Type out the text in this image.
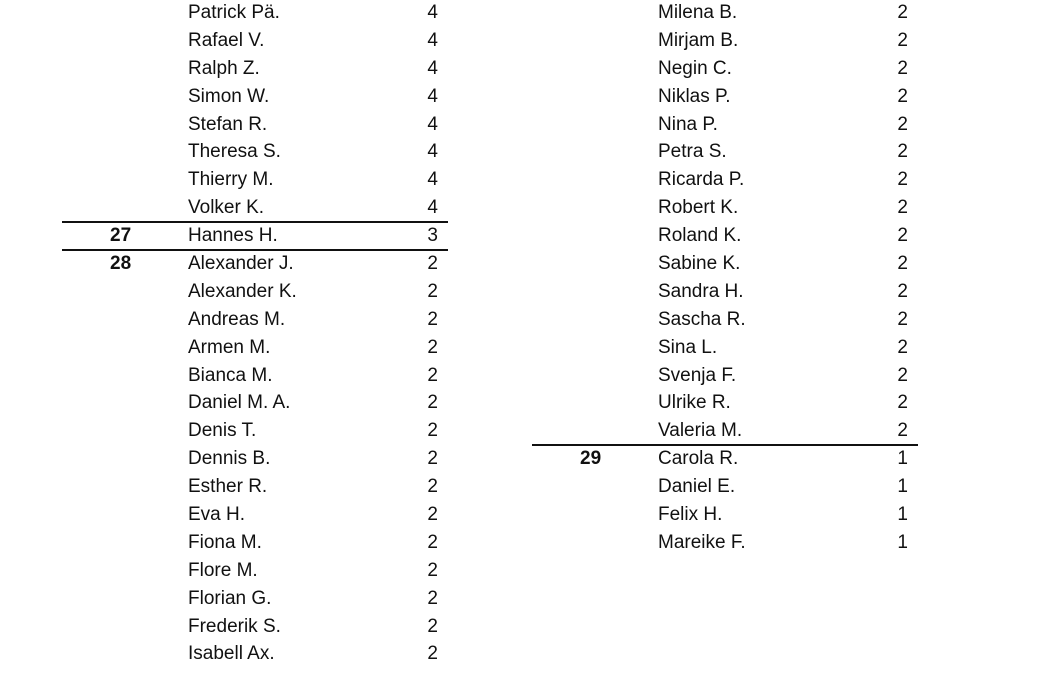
Patrick Pä.	4
Rafael V.	4
Ralph Z.	4
Simon W.	4
Stefan R.	4
Theresa S.	4
Thierry M.	4
Volker K.	4
27	Hannes H.	3
28	Alexander J.	2
Alexander K.	2
Andreas M.	2
Armen M.	2
Bianca M.	2
Daniel M. A.	2
Denis T.	2
Dennis B.	2
Esther R.	2
Eva H.	2
Fiona M.	2
Flore M.	2
Florian G.	2
Frederik S.	2
Isabell Ax.	2
Milena B.	2
Mirjam B.	2
Negin C.	2
Niklas P.	2
Nina P.	2
Petra S.	2
Ricarda P.	2
Robert K.	2
Roland K.	2
Sabine K.	2
Sandra H.	2
Sascha R.	2
Sina L.	2
Svenja F.	2
Ulrike R.	2
Valeria M.	2
29	Carola R.	1
Daniel E.	1
Felix H.	1
Mareike F.	1
